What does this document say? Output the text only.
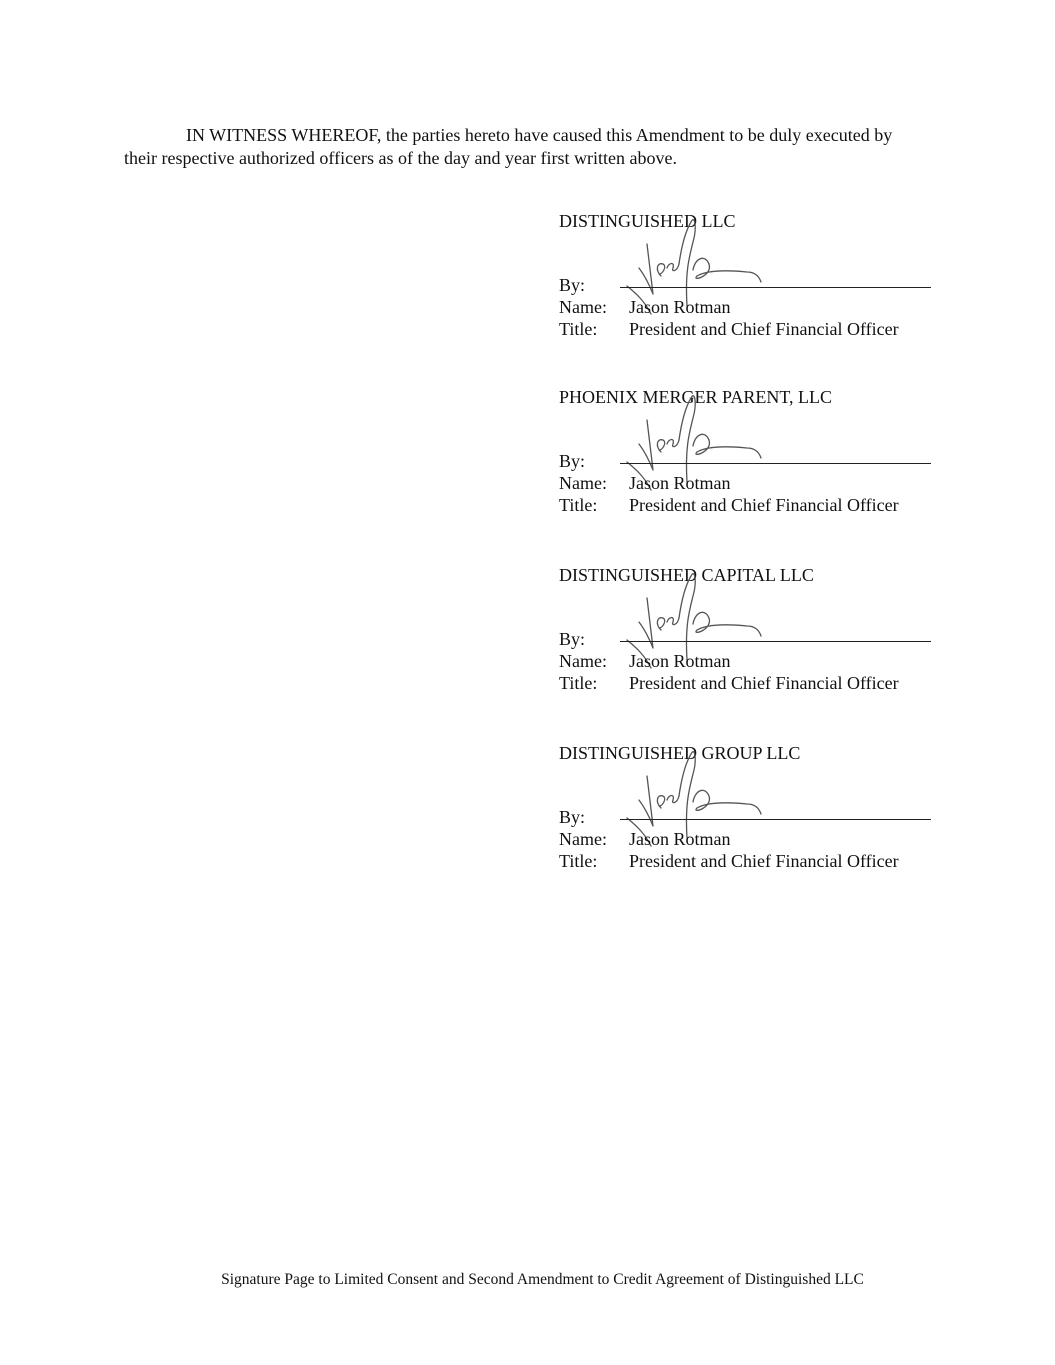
IN WITNESS WHEREOF, the parties hereto have caused this Amendment to be duly executed by their respective authorized officers as of the day and year first written above.

DISTINGUISHED LLC
By:
Name: Jason Rotman
Title: President and Chief Financial Officer
PHOENIX MERGER PARENT, LLC
By:
Name: Jason Rotman
Title: President and Chief Financial Officer
DISTINGUISHED CAPITAL LLC
By:
Name: Jason Rotman
Title: President and Chief Financial Officer
DISTINGUISHED GROUP LLC
By:
Name: Jason Rotman
Title: President and Chief Financial Officer
Signature Page to Limited Consent and Second Amendment to Credit Agreement of Distinguished LLC
